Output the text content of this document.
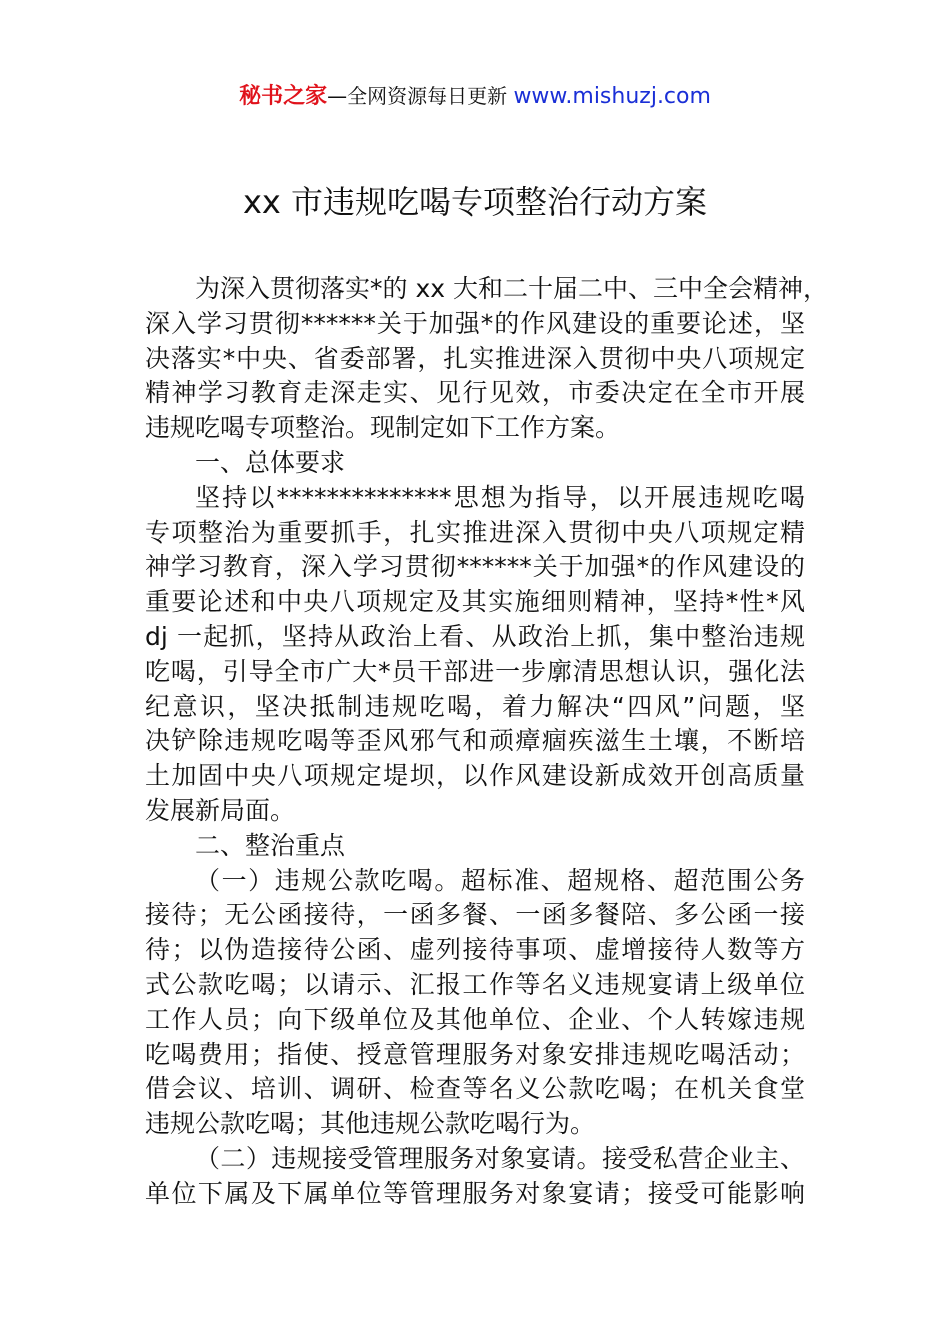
秘书之家—全网资源每日更新 www.mishuzj.com
xx 市违规吃喝专项整治行动方案
为深入贯彻落实*的 xx 大和二十届二中、三中全会精神，
深入学习贯彻******关于加强*的作风建设的重要论述，坚
决落实*中央、省委部署，扎实推进深入贯彻中央八项规定
精神学习教育走深走实、见行见效，市委决定在全市开展
违规吃喝专项整治。现制定如下工作方案。
一、总体要求
坚持以**************思想为指导，以开展违规吃喝
专项整治为重要抓手，扎实推进深入贯彻中央八项规定精
神学习教育，深入学习贯彻******关于加强*的作风建设的
重要论述和中央八项规定及其实施细则精神，坚持*性*风
dj 一起抓，坚持从政治上看、从政治上抓，集中整治违规
吃喝，引导全市广大*员干部进一步廓清思想认识，强化法
纪意识，坚决抵制违规吃喝，着力解决“四风”问题，坚
决铲除违规吃喝等歪风邪气和顽瘴痼疾滋生土壤，不断培
土加固中央八项规定堤坝，以作风建设新成效开创高质量
发展新局面。
二、整治重点
（一）违规公款吃喝。超标准、超规格、超范围公务
接待；无公函接待，一函多餐、一函多餐陪、多公函一接
待；以伪造接待公函、虚列接待事项、虚增接待人数等方
式公款吃喝；以请示、汇报工作等名义违规宴请上级单位
工作人员；向下级单位及其他单位、企业、个人转嫁违规
吃喝费用；指使、授意管理服务对象安排违规吃喝活动；
借会议、培训、调研、检查等名义公款吃喝；在机关食堂
违规公款吃喝；其他违规公款吃喝行为。
（二）违规接受管理服务对象宴请。接受私营企业主、
单位下属及下属单位等管理服务对象宴请；接受可能影响
